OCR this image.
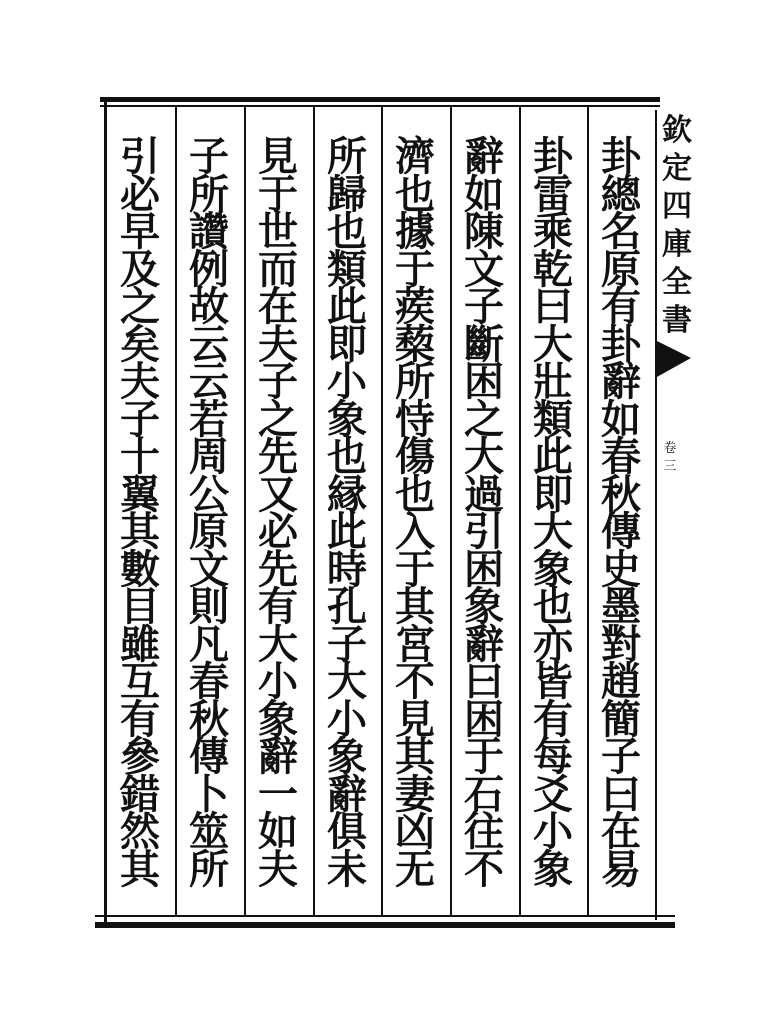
欽
定
四
庫
全
書
卷
三
卦
總
名
原
有
卦
辭
如
春
秋
傳
史
墨
對
趙
簡
子
曰
在
易
卦
雷
乘
乾
曰
大
壯
類
此
即
大
象
也
亦
皆
有
每
爻
小
象
辭
如
陳
文
子
斷
困
之
大
過
引
困
象
辭
曰
困
于
石
往
不
濟
也
據
于
蒺
蔾
所
恃
傷
也
入
于
其
宮
不
見
其
妻
凶
无
所
歸
也
類
此
即
小
象
也
縁
此
時
孔
子
大
小
象
辭
俱
未
見
于
世
而
在
夫
子
之
先
又
必
先
有
大
小
象
辭
一
如
夫
子
所
讚
例
故
云
云
若
周
公
原
文
則
凡
春
秋
傳
卜
筮
所
引
必
早
及
之
矣
夫
子
十
翼
其
數
目
雖
互
有
參
錯
然
其
